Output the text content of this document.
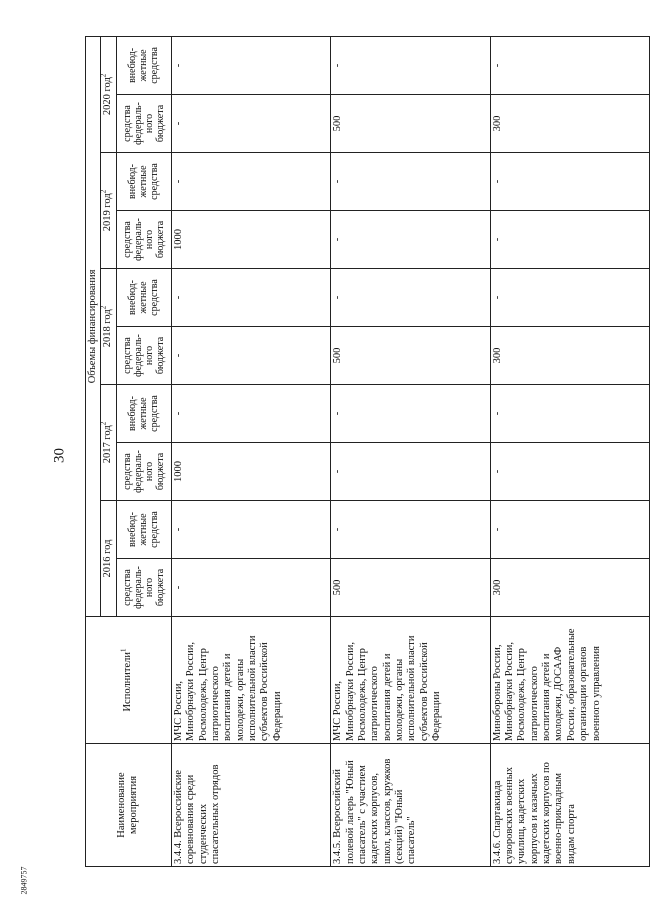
30
2849757
Наименование мероприятия	Исполнители$^1$	Объемы финансирования									
		2016 год		2017 год$^2$		2018 год$^2$		2019 год$^2$		2020 год$^2$
		средства федераль-ного бюджета	внебюд-жетные средства	средства федераль-ного бюджета	внебюд-жетные средства	средства федераль-ного бюджета	внебюд-жетные средства	средства федераль-ного бюджета	внебюд-жетные средства	средства федераль-ного бюджета	внебюд-жетные средства
3.4.4. Всероссийские соревнования среди студенческих спасательных отрядов	МЧС России, Минобрнауки России, Росмолодежь, Центр патриотического воспитания детей и молодежи, органы исполнительной власти субъектов Российской Федерации	-	-	1000	-	-	-	1000	-	-	-
3.4.5. Всероссийский полевой лагерь "Юный спасатель" с участием кадетских корпусов, школ, классов, кружков (секций) "Юный спасатель"	МЧС России, Минобрнауки России, Росмолодежь, Центр патриотического воспитания детей и молодежи, органы исполнительной власти субъектов Российской Федерации	500	-	-	-	500	-	-	-	500	-
3.4.6. Спартакиада суворовских военных училищ, кадетских корпусов и казачьих кадетских корпусов по военно-прикладным видам спорта	Минобороны России, Минобрнауки России, Росмолодежь, Центр патриотического воспитания детей и молодежи, ДОСААФ России, образовательные организации органов военного управления	300	-	-	-	300	-	-	-	300	-
